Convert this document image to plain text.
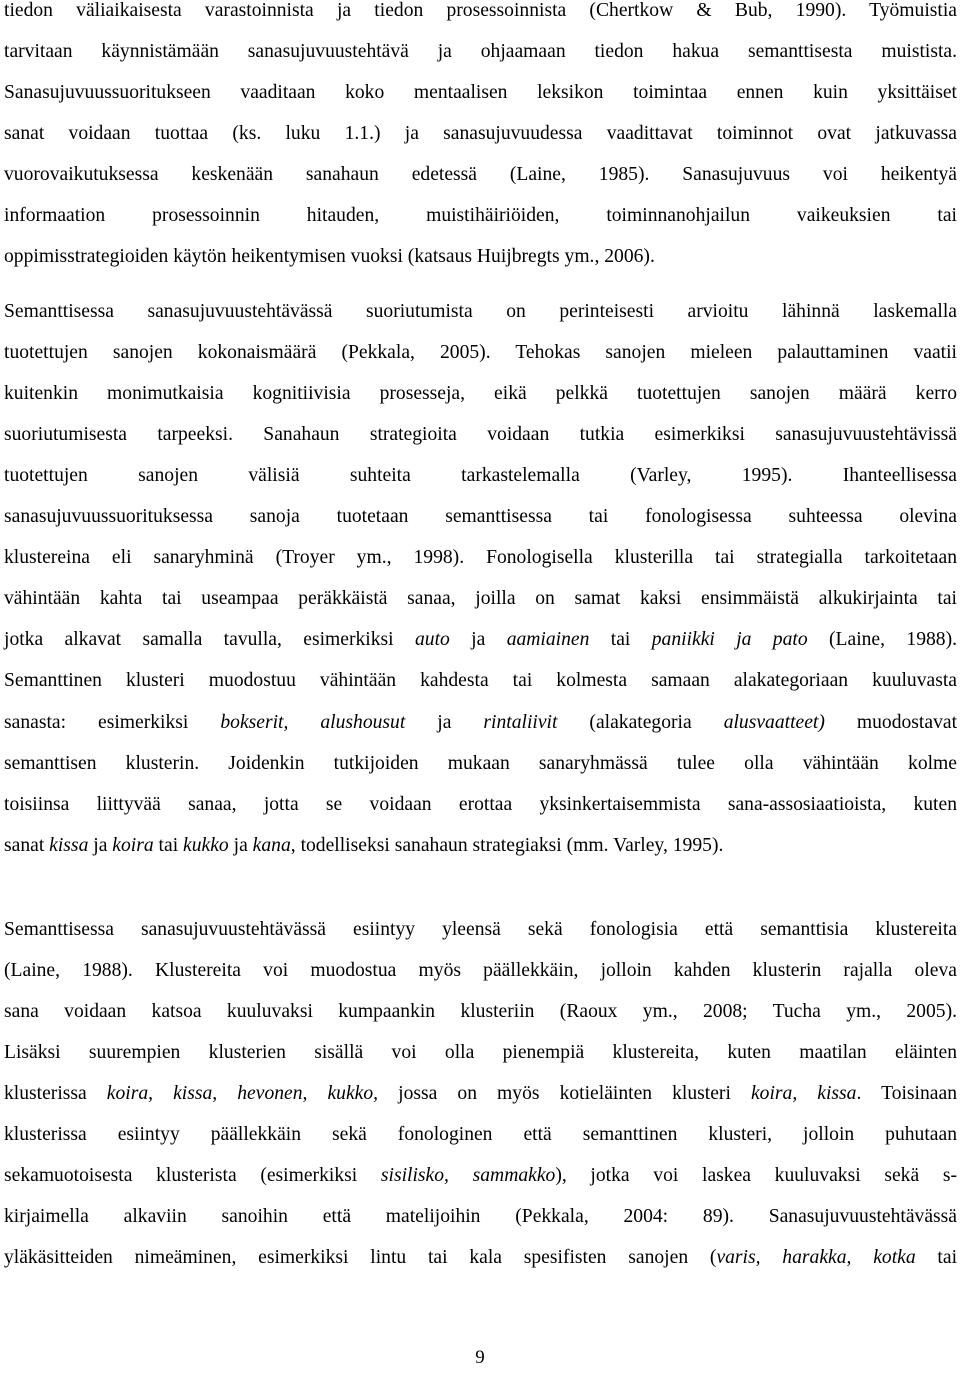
tiedon väliaikaisesta varastoinnista ja tiedon prosessoinnista (Chertkow & Bub, 1990). Työmuistia
tarvitaan käynnistämään sanasujuvuustehtävä ja ohjaamaan tiedon hakua semanttisesta muistista.
Sanasujuvuussuoritukseen vaaditaan koko mentaalisen leksikon toimintaa ennen kuin yksittäiset
sanat voidaan tuottaa (ks. luku 1.1.) ja sanasujuvuudessa vaadittavat toiminnot ovat jatkuvassa
vuorovaikutuksessa keskenään sanahaun edetessä (Laine, 1985). Sanasujuvuus voi heikentyä
informaation prosessoinnin hitauden, muistihäiriöiden, toiminnanohjailun vaikeuksien tai
oppimisstrategioiden käytön heikentymisen vuoksi (katsaus Huijbregts ym., 2006).
Semanttisessa sanasujuvuustehtävässä suoriutumista on perinteisesti arvioitu lähinnä laskemalla
tuotettujen sanojen kokonaismäärä (Pekkala, 2005). Tehokas sanojen mieleen palauttaminen vaatii
kuitenkin monimutkaisia kognitiivisia prosesseja, eikä pelkkä tuotettujen sanojen määrä kerro
suoriutumisesta tarpeeksi. Sanahaun strategioita voidaan tutkia esimerkiksi sanasujuvuustehtävissä
tuotettujen sanojen välisiä suhteita tarkastelemalla (Varley, 1995). Ihanteellisessa
sanasujuvuussuorituksessa sanoja tuotetaan semanttisessa tai fonologisessa suhteessa olevina
klustereina eli sanaryhminä (Troyer ym., 1998). Fonologisella klusterilla tai strategialla tarkoitetaan
vähintään kahta tai useampaa peräkkäistä sanaa, joilla on samat kaksi ensimmäistä alkukirjainta tai
jotka alkavat samalla tavulla, esimerkiksi auto ja aamiainen tai paniikki ja pato (Laine, 1988).
Semanttinen klusteri muodostuu vähintään kahdesta tai kolmesta samaan alakategoriaan kuuluvasta
sanasta: esimerkiksi bokserit, alushousut ja rintaliivit (alakategoria alusvaatteet) muodostavat
semanttisen klusterin. Joidenkin tutkijoiden mukaan sanaryhmässä tulee olla vähintään kolme
toisiinsa liittyvää sanaa, jotta se voidaan erottaa yksinkertaisemmista sana-assosiaatioista, kuten
sanat kissa ja koira tai kukko ja kana, todelliseksi sanahaun strategiaksi (mm. Varley, 1995).
Semanttisessa sanasujuvuustehtävässä esiintyy yleensä sekä fonologisia että semanttisia klustereita
(Laine, 1988). Klustereita voi muodostua myös päällekkäin, jolloin kahden klusterin rajalla oleva
sana voidaan katsoa kuuluvaksi kumpaankin klusteriin (Raoux ym., 2008; Tucha ym., 2005).
Lisäksi suurempien klusterien sisällä voi olla pienempiä klustereita, kuten maatilan eläinten
klusterissa koira, kissa, hevonen, kukko, jossa on myös kotieläinten klusteri koira, kissa. Toisinaan
klusterissa esiintyy päällekkäin sekä fonologinen että semanttinen klusteri, jolloin puhutaan
sekamuotoisesta klusterista (esimerkiksi sisilisko, sammakko), jotka voi laskea kuuluvaksi sekä s-
kirjaimella alkaviin sanoihin että matelijoihin (Pekkala, 2004: 89). Sanasujuvuustehtävässä
yläkäsitteiden nimeäminen, esimerkiksi lintu tai kala spesifisten sanojen (varis, harakka, kotka tai
9
